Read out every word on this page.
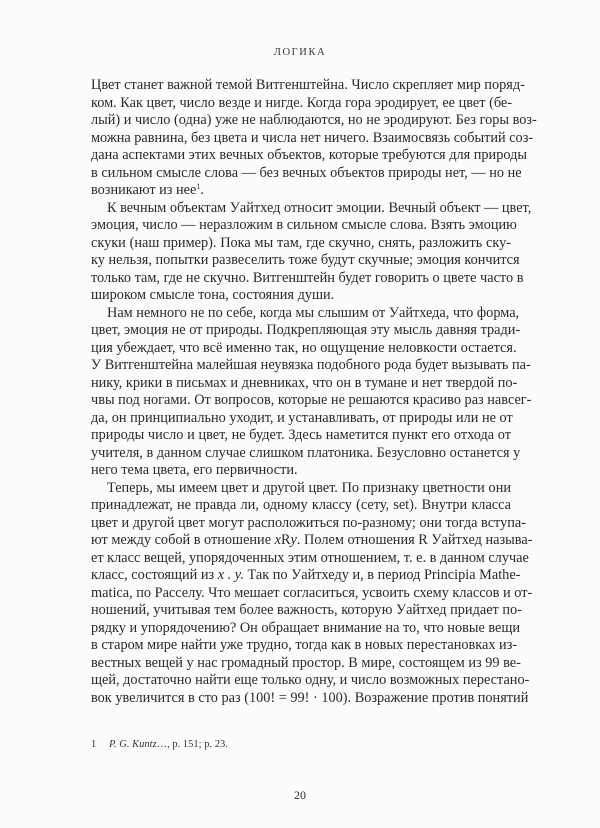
ЛОГИКА
Цвет станет важной темой Витгенштейна. Число скрепляет мир поряд-
ком. Как цвет, число везде и нигде. Когда гора эродирует, ее цвет (бе-
лый) и число (одна) уже не наблюдаются, но не эродируют. Без горы воз-
можна равнина, без цвета и числа нет ничего. Взаимосвязь событий соз-
дана аспектами этих вечных объектов, которые требуются для природы
в сильном смысле слова — без вечных объектов природы нет, — но не
возникают из нее$^1$.
К вечным объектам Уайтхед относит эмоции. Вечный объект — цвет,
эмоция, число — неразложим в сильном смысле слова. Взять эмоцию
скуки (наш пример). Пока мы там, где скучно, снять, разложить ску-
ку нельзя, попытки развеселить тоже будут скучные; эмоция кончится
только там, где не скучно. Витгенштейн будет говорить о цвете часто в
широком смысле тона, состояния души.
Нам немного не по себе, когда мы слышим от Уайтхеда, что форма,
цвет, эмоция не от природы. Подкрепляющая эту мысль давняя тради-
ция убеждает, что всё именно так, но ощущение неловкости остается.
У Витгенштейна малейшая неувязка подобного рода будет вызывать па-
нику, крики в письмах и дневниках, что он в тумане и нет твердой по-
чвы под ногами. От вопросов, которые не решаются красиво раз навсег-
да, он принципиально уходит, и устанавливать, от природы или не от
природы число и цвет, не будет. Здесь наметится пункт его отхода от
учителя, в данном случае слишком платоника. Безусловно останется у
него тема цвета, его первичности.
Теперь, мы имеем цвет и другой цвет. По признаку цветности они
принадлежат, не правда ли, одному классу (сету, set). Внутри класса
цвет и другой цвет могут расположиться по-разному; они тогда вступа-
ют между собой в отношение xRy. Полем отношения R Уайтхед называ-
ет класс вещей, упорядоченных этим отношением, т. е. в данном случае
класс, состоящий из x . y. Так по Уайтхеду и, в период Principia Mathe-
matica, по Расселу. Что мешает согласиться, усвоить схему классов и от-
ношений, учитывая тем более важность, которую Уайтхед придает по-
рядку и упорядочению? Он обращает внимание на то, что новые вещи
в старом мире найти уже трудно, тогда как в новых перестановках из-
вестных вещей у нас громадный простор. В мире, состоящем из 99 ве-
щей, достаточно найти еще только одну, и число возможных перестано-
вок увеличится в сто раз (100! = 99! · 100). Возражение против понятий
1 P. G. Kuntz…, p. 151; p. 23.
20
